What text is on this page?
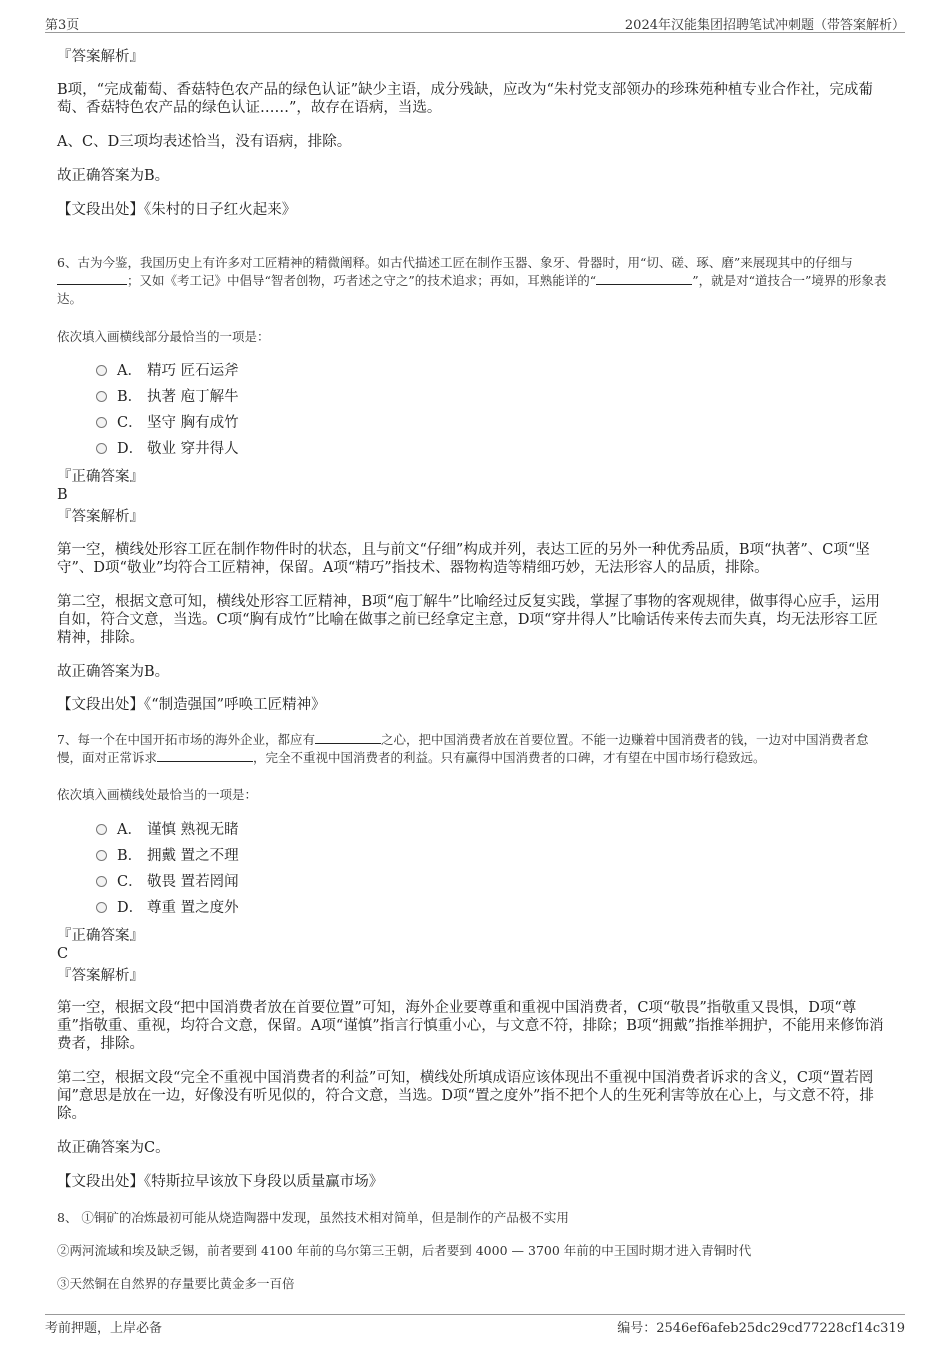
第3页	2024年汉能集团招聘笔试冲刺题（带答案解析）

『答案解析』

B项，“完成葡萄、香菇特色农产品的绿色认证”缺少主语，成分残缺，应改为“朱村党支部领办的珍珠苑种植专业合作社，完成葡萄、香菇特色农产品的绿色认证……”，故存在语病，当选。

A、C、D三项均表述恰当，没有语病，排除。

故正确答案为B。

【文段出处】《朱村的日子红火起来》

6、古为今鉴，我国历史上有许多对工匠精神的精微阐释。如古代描述工匠在制作玉器、象牙、骨器时，用“切、磋、琢、磨”来展现其中的仔细与；又如《考工记》中倡导“智者创物，巧者述之守之”的技术追求；再如，耳熟能详的“	”，就是对“道技合一”境界的形象表达。

依次填入画横线部分最恰当的一项是：

A． 精巧 匠石运斧
B． 执著 庖丁解牛
C． 坚守 胸有成竹
D． 敬业 穿井得人

『正确答案』

B

『答案解析』

第一空，横线处形容工匠在制作物件时的状态，且与前文“仔细”构成并列，表达工匠的另外一种优秀品质，B项“执著”、C项“坚守”、D项“敬业”均符合工匠精神，保留。A项“精巧”指技术、器物构造等精细巧妙，无法形容人的品质，排除。

第二空，根据文意可知，横线处形容工匠精神，B项“庖丁解牛”比喻经过反复实践，掌握了事物的客观规律，做事得心应手，运用自如，符合文意，当选。C项“胸有成竹”比喻在做事之前已经拿定主意，D项“穿井得人”比喻话传来传去而失真，均无法形容工匠精神，排除。

故正确答案为B。

【文段出处】《“制造强国”呼唤工匠精神》

7、每一个在中国开拓市场的海外企业，都应有	之心，把中国消费者放在首要位置。不能一边赚着中国消费者的钱，一边对中国消费者怠慢，面对正常诉求	，完全不重视中国消费者的利益。只有赢得中国消费者的口碑，才有望在中国市场行稳致远。

依次填入画横线处最恰当的一项是：

A． 谨慎 熟视无睹
B． 拥戴 置之不理
C． 敬畏 置若罔闻
D． 尊重 置之度外

『正确答案』

C

『答案解析』

第一空，根据文段“把中国消费者放在首要位置”可知，海外企业要尊重和重视中国消费者，C项“敬畏”指敬重又畏惧，D项“尊重”指敬重、重视，均符合文意，保留。A项“谨慎”指言行慎重小心，与文意不符，排除；B项“拥戴”指推举拥护，不能用来修饰消费者，排除。

第二空，根据文段“完全不重视中国消费者的利益”可知，横线处所填成语应该体现出不重视中国消费者诉求的含义，C项“置若罔闻”意思是放在一边，好像没有听见似的，符合文意，当选。D项“置之度外”指不把个人的生死利害等放在心上，与文意不符，排除。

故正确答案为C。

【文段出处】《特斯拉早该放下身段以质量赢市场》

8、 ①铜矿的冶炼最初可能从烧造陶器中发现，虽然技术相对简单，但是制作的产品极不实用

②两河流域和埃及缺乏锡，前者要到 4100 年前的乌尔第三王朝，后者要到 4000 — 3700 年前的中王国时期才进入青铜时代

③天然铜在自然界的存量要比黄金多一百倍

考前押题，上岸必备	编号：2546ef6afeb25dc29cd77228cf14c319
